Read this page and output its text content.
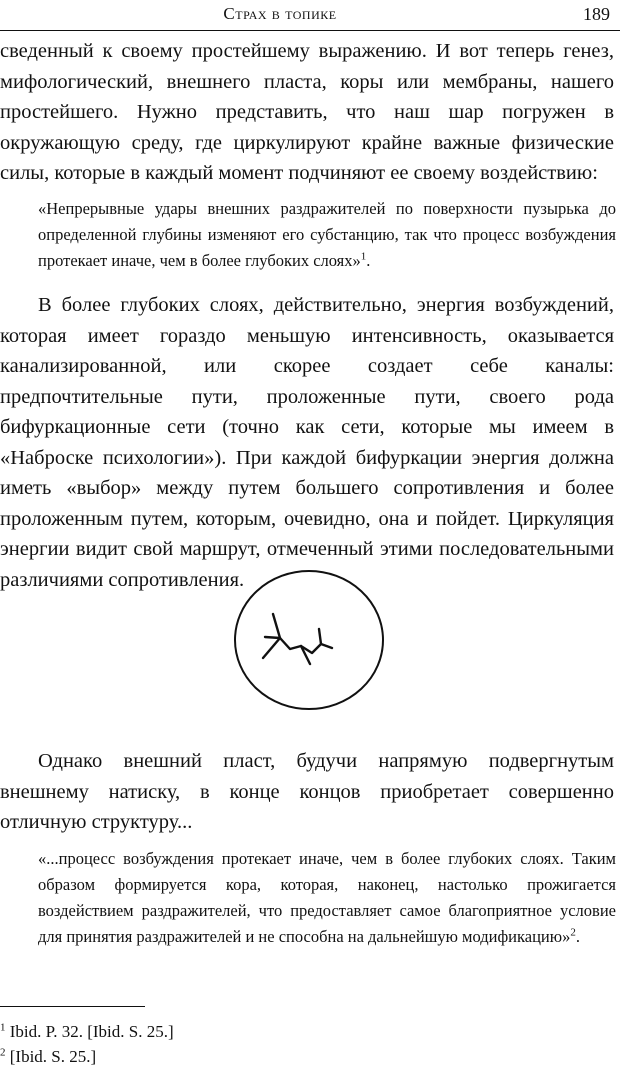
Страх в топике	189

сведенный к своему простейшему выражению. И вот теперь генез, мифологический, внешнего пласта, коры или мембраны, нашего простейшего. Нужно представить, что наш шар погружен в окружающую среду, где циркулируют крайне важные физические силы, которые в каждый момент подчиняют ее своему воздействию:

«Непрерывные удары внешних раздражителей по поверхности пузырька до определенной глубины изменяют его субстанцию, так что процесс возбуждения протекает иначе, чем в более глубоких слоях»$^1$.

В более глубоких слоях, действительно, энергия возбуждений, которая имеет гораздо меньшую интенсивность, оказывается канализированной, или скорее создает себе каналы: предпочтительные пути, проложенные пути, своего рода бифуркационные сети (точно как сети, которые мы имеем в «Наброске психологии»). При каждой бифуркации энергия должна иметь «выбор» между путем большего сопротивления и более проложенным путем, которым, очевидно, она и пойдет. Циркуляция энергии видит свой маршрут, отмеченный этими последовательными различиями сопротивления.

Однако внешний пласт, будучи напрямую подвергнутым внешнему натиску, в конце концов приобретает совершенно отличную структуру...

«...процесс возбуждения протекает иначе, чем в более глубоких слоях. Таким образом формируется кора, которая, наконец, настолько прожигается воздействием раздражителей, что предоставляет самое благоприятное условие для принятия раздражителей и не способна на дальнейшую модификацию»$^2$.

$^1$ Ibid. P. 32. [Ibid. S. 25.]
$^2$ [Ibid. S. 25.]
